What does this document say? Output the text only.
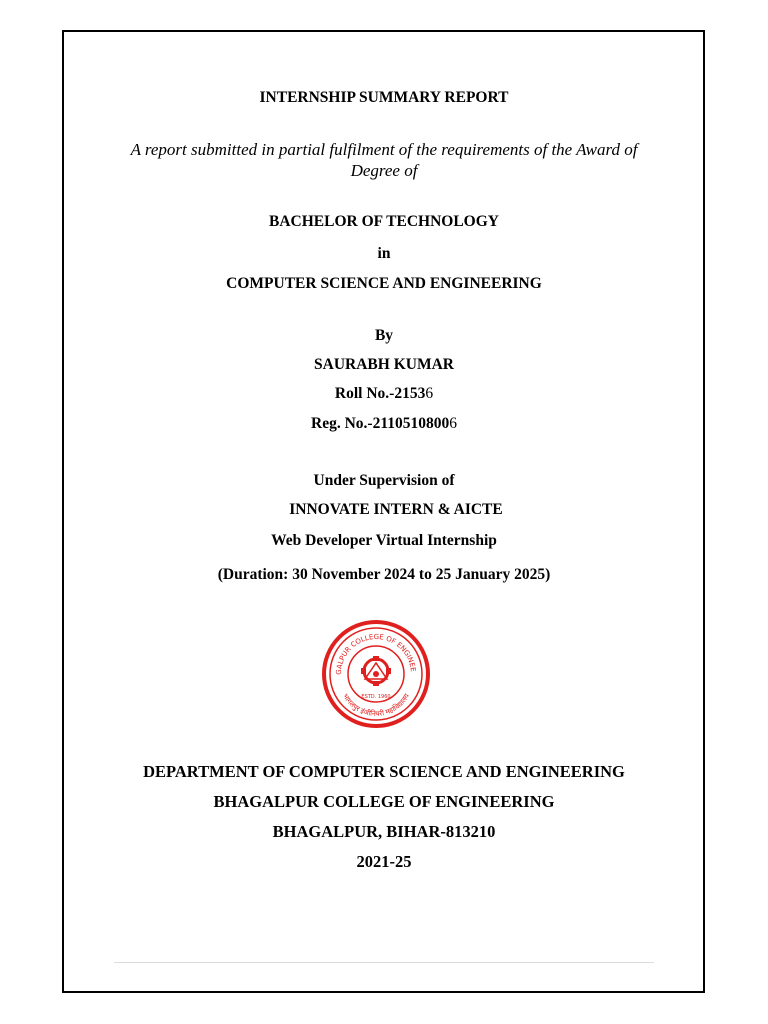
INTERNSHIP SUMMARY REPORT
A report submitted in partial fulfilment of the requirements of the Award of
Degree of
BACHELOR OF TECHNOLOGY
in
COMPUTER SCIENCE AND ENGINEERING
By
SAURABH KUMAR
Roll No.-21536
Reg. No.-21105108006
Under Supervision of
INNOVATE INTERN & AICTE
Web Developer Virtual Internship
(Duration: 30 November 2024 to 25 January 2025)
GALPUR COLLEGE OF ENGINEE
भागलपुर इंजीनियरी महाविद्यालय
ESTD. 1960
DEPARTMENT OF COMPUTER SCIENCE AND ENGINEERING
BHAGALPUR COLLEGE OF ENGINEERING
BHAGALPUR, BIHAR-813210
2021-25
